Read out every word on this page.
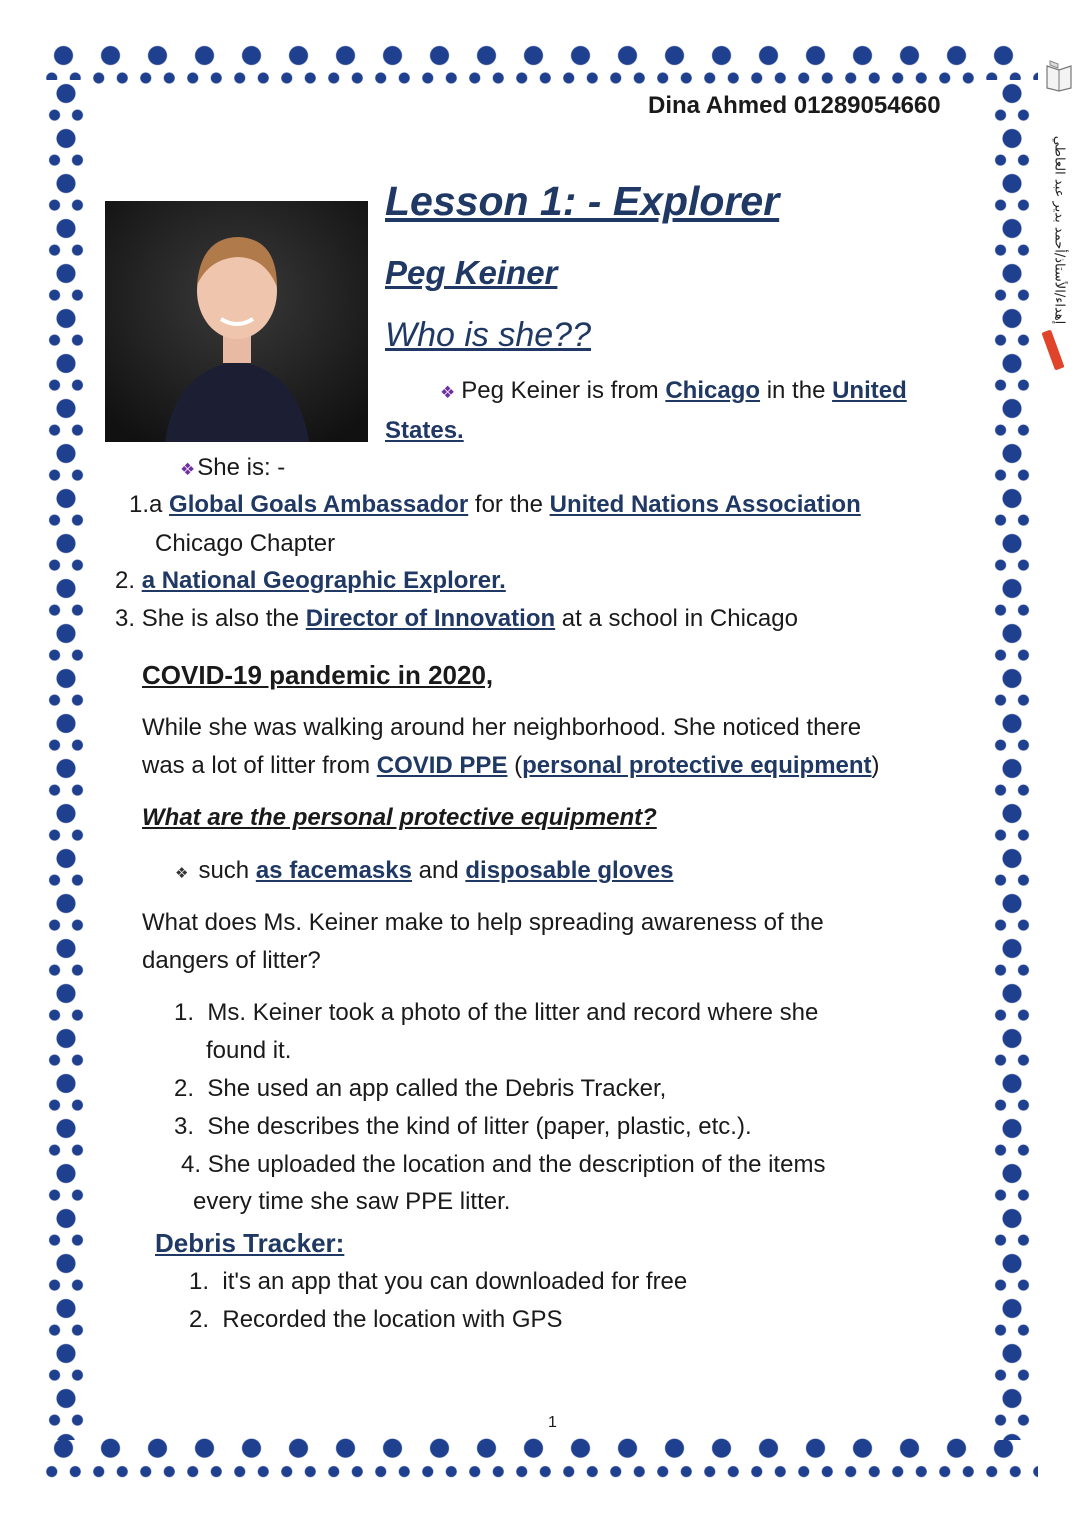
إهداء/الأستاذ/أحمد بدير عبد العاطي
Dina Ahmed 01289054660
Lesson 1: - Explorer
Peg Keiner
Who is she??
❖ Peg Keiner is from Chicago in the United
States.
❖She is: -
1.a Global Goals Ambassador for the United Nations Association
Chicago Chapter
2. a National Geographic Explorer.
3. She is also the Director of Innovation at a school in Chicago
COVID-19 pandemic in 2020,
While she was walking around her neighborhood. She noticed there
was a lot of litter from COVID PPE (personal protective equipment)
What are the personal protective equipment?
❖ such as facemasks and disposable gloves
What does Ms. Keiner make to help spreading awareness of the
dangers of litter?
1. Ms. Keiner took a photo of the litter and record where she
found it.
2. She used an app called the Debris Tracker,
3. She describes the kind of litter (paper, plastic, etc.).
4. She uploaded the location and the description of the items
every time she saw PPE litter.
Debris Tracker:
1. it's an app that you can downloaded for free
2. Recorded the location with GPS
1
